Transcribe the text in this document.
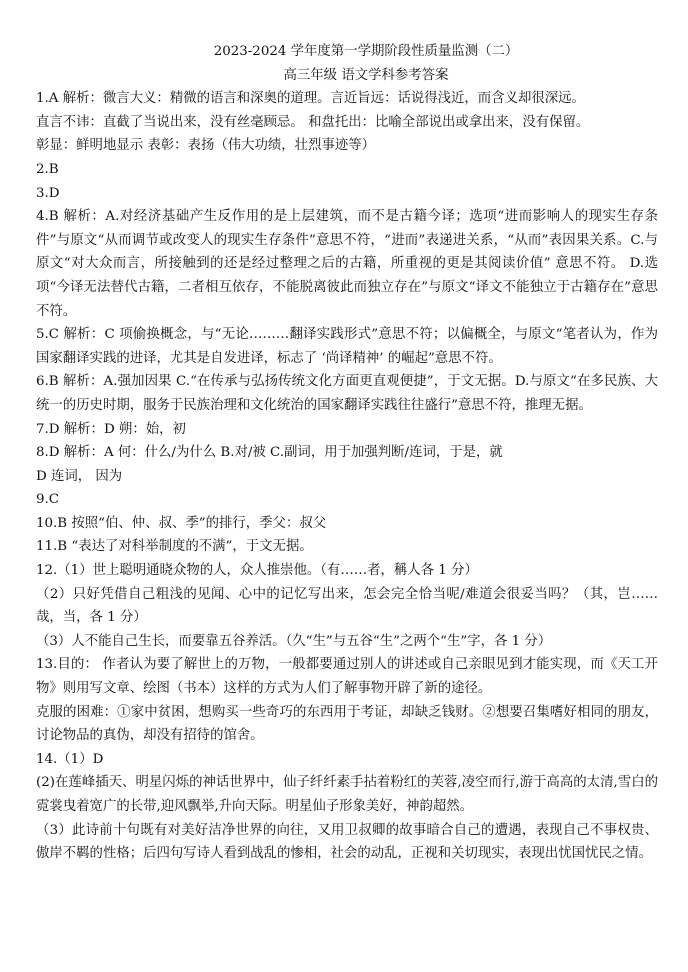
2023-2024 学年度第一学期阶段性质量监测（二）

高三年级 语文学科参考答案

1.A 解析：微言大义：精微的语言和深奥的道理。言近旨远：话说得浅近，而含义却很深远。

直言不讳：直截了当说出来，没有丝毫顾忌。 和盘托出：比喻全部说出或拿出来，没有保留。

彰显：鲜明地显示 表彰：表扬（伟大功绩，壮烈事迹等）

2.B

3.D

4.B 解析：A.对经济基础产生反作用的是上层建筑，而不是古籍今译；选项“进而影响人的现实生存条件”与原文“从而调节或改变人的现实生存条件”意思不符，“进而”表递进关系，“从而”表因果关系。C.与原文“对大众而言，所接触到的还是经过整理之后的古籍，所重视的更是其阅读价值” 意思不符。 D.选项“今译无法替代古籍，二者相互依存，不能脱离彼此而独立存在”与原文“译文不能独立于古籍存在”意思不符。

5.C 解析：C 项偷换概念，与“无论………翻译实践形式”意思不符；以偏概全，与原文“笔者认为，作为国家翻译实践的进译，尤其是自发进译，标志了 ‘尚译精神’ 的崛起”意思不符。

6.B 解析：A.强加因果 C.“在传承与弘扬传统文化方面更直观便捷”，于文无据。D.与原文“在多民族、大统一的历史时期，服务于民族治理和文化统治的国家翻译实践往往盛行”意思不符，推理无据。

7.D 解析：D 朔：始，初

8.D 解析：A 何：什么/为什么 B.对/被 C.副词，用于加强判断/连词，于是，就

D 连词， 因为

9.C

10.B 按照“伯、仲、叔、季”的排行，季父：叔父

11.B “表达了对科举制度的不满”，于文无据。

12.（1）世上聪明通晓众物的人，众人推崇他。（有……者，稱人各 1 分）

（2）只好凭借自己粗浅的见闻、心中的记忆写出来，怎会完全恰当呢/难道会很妥当吗？（其，岂……哉，当，各 1 分）

（3）人不能自己生长，而要靠五谷养活。（久“生”与五谷“生”之两个“生”字，各 1 分）

13.目的： 作者认为要了解世上的万物，一般都要通过别人的讲述或自己亲眼见到才能实现，而《天工开物》则用写文章、绘图（书本）这样的方式为人们了解事物开辟了新的途径。

克服的困难：①家中贫困，想购买一些奇巧的东西用于考证，却缺乏钱财。②想要召集嗜好相同的朋友，讨论物品的真伪，却没有招待的馆舍。

14.（1）D

(2)在莲峰插天、明星闪烁的神话世界中，仙子纤纤素手拈着粉红的芙蓉,凌空而行,游于高高的太清,雪白的霓裳曳着宽广的长带,迎风飘举,升向天际。明星仙子形象美好，神韵超然。

（3）此诗前十句既有对美好洁净世界的向往，又用卫叔卿的故事暗合自己的遭遇，表现自己不事权贵、傲岸不羁的性格；后四句写诗人看到战乱的惨相，社会的动乱，正视和关切现实，表现出忧国忧民之情。
